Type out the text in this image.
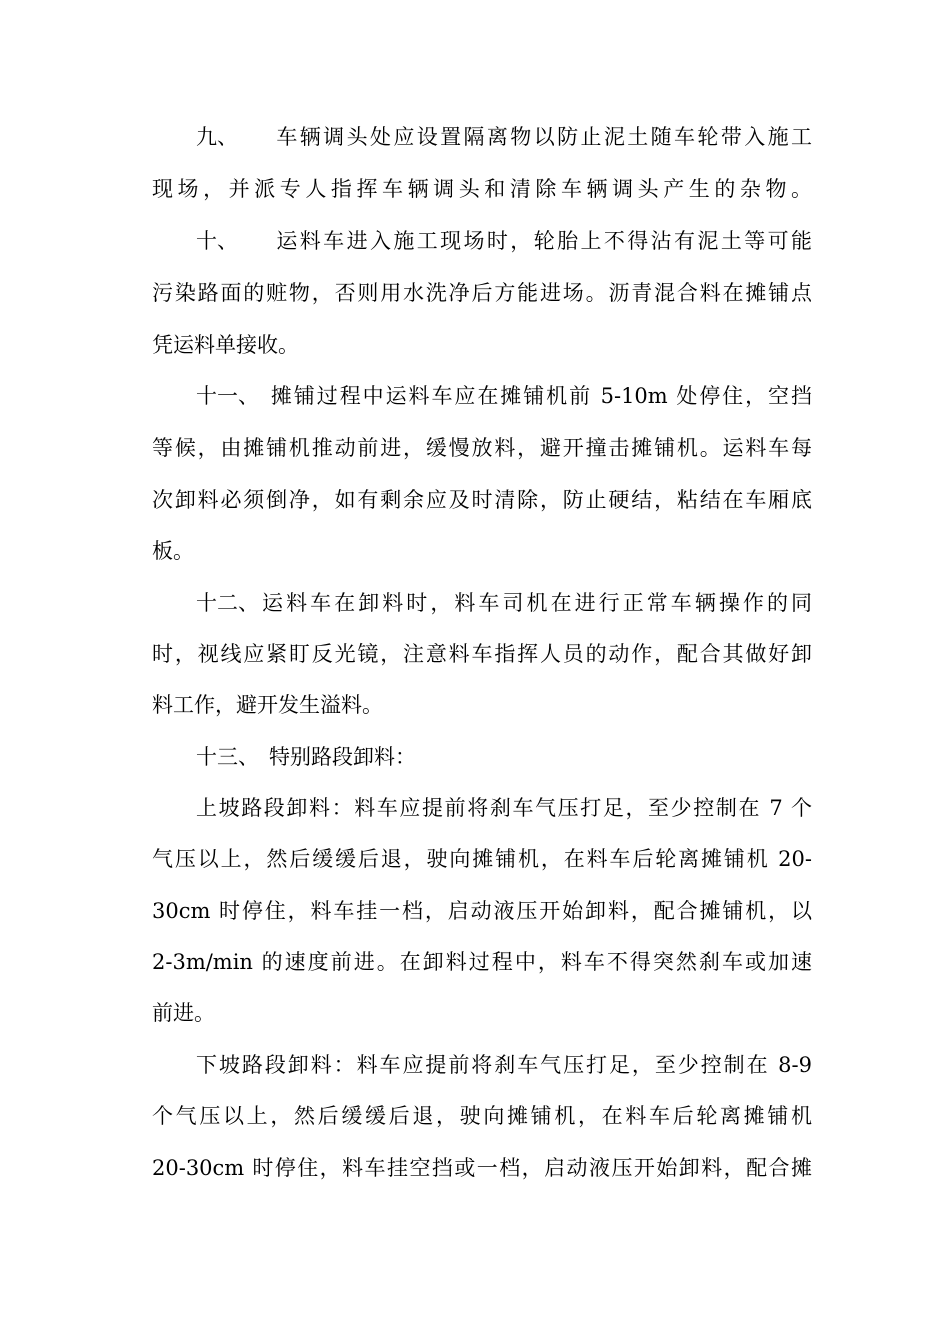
九、 车辆调头处应设置隔离物以防止泥土随车轮带入施工
现场，并派专人指挥车辆调头和清除车辆调头产生的杂物。
十、 运料车进入施工现场时，轮胎上不得沾有泥土等可能
污染路面的赃物，否则用水洗净后方能进场。沥青混合料在摊铺点
凭运料单接收。
十一、 摊铺过程中运料车应在摊铺机前 5-10m 处停住，空挡
等候，由摊铺机推动前进，缓慢放料，避开撞击摊铺机。运料车每
次卸料必须倒净，如有剩余应及时清除，防止硬结，粘结在车厢底
板。
十二、运料车在卸料时，料车司机在进行正常车辆操作的同
时，视线应紧盯反光镜，注意料车指挥人员的动作，配合其做好卸
料工作，避开发生溢料。
十三、 特别路段卸料：
上坡路段卸料：料车应提前将刹车气压打足，至少控制在 7 个
气压以上，然后缓缓后退，驶向摊铺机，在料车后轮离摊铺机 20-
30cm 时停住，料车挂一档，启动液压开始卸料，配合摊铺机，以
2-3m/min 的速度前进。在卸料过程中，料车不得突然刹车或加速
前进。
下坡路段卸料：料车应提前将刹车气压打足，至少控制在 8-9
个气压以上，然后缓缓后退，驶向摊铺机，在料车后轮离摊铺机
20-30cm 时停住，料车挂空挡或一档，启动液压开始卸料，配合摊
